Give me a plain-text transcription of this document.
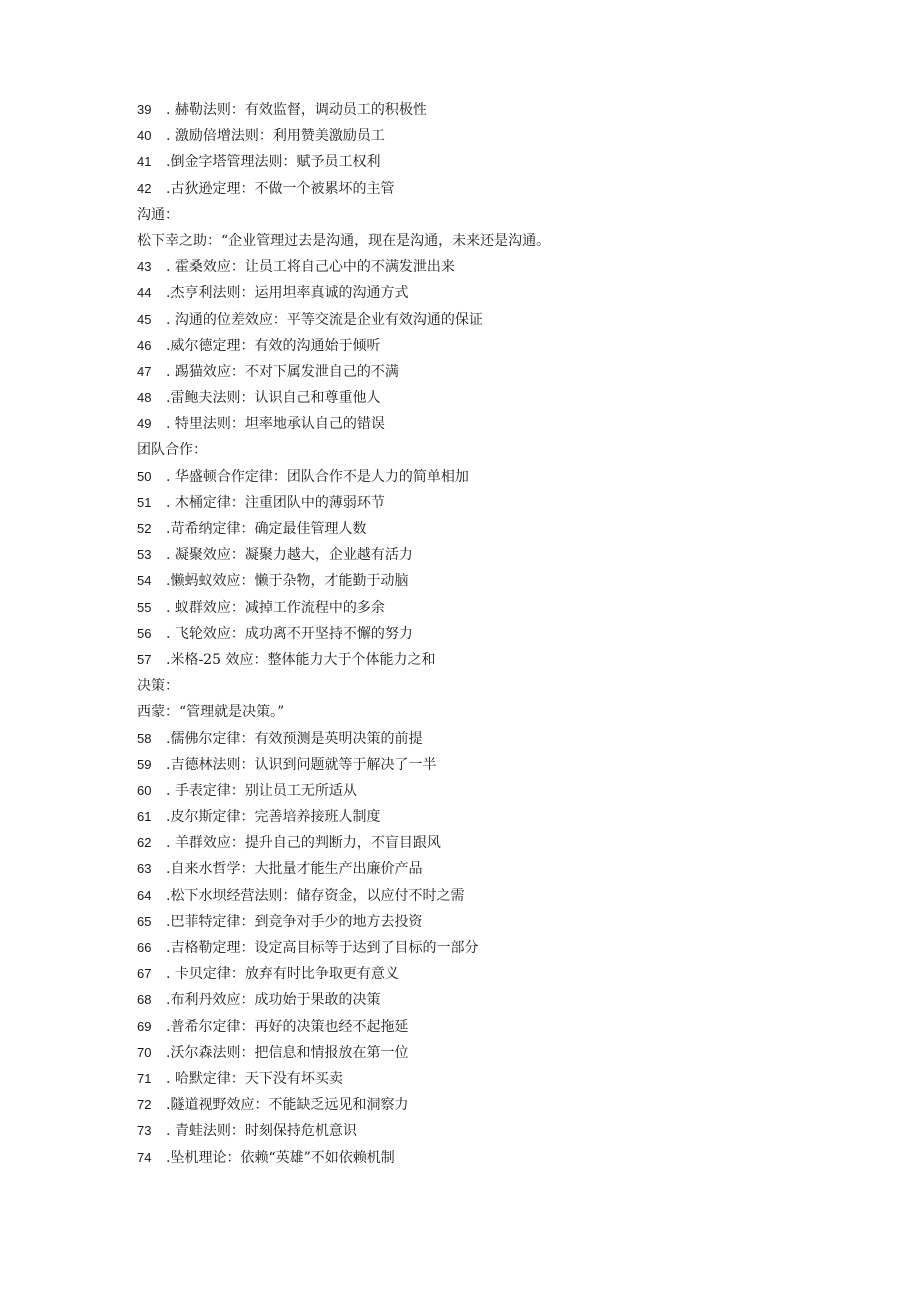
39 . 赫勒法则：有效监督，调动员工的积极性
40 . 激励倍增法则：利用赞美激励员工
41 .倒金字塔管理法则：赋予员工权利
42 .古狄逊定理：不做一个被累坏的主管
沟通：
松下幸之助：“企业管理过去是沟通，现在是沟通，未来还是沟通。
43 . 霍桑效应：让员工将自己心中的不满发泄出来
44 .杰亨利法则：运用坦率真诚的沟通方式
45 . 沟通的位差效应：平等交流是企业有效沟通的保证
46 .威尔德定理：有效的沟通始于倾听
47 . 踢猫效应：不对下属发泄自己的不满
48 .雷鲍夫法则：认识自己和尊重他人
49 . 特里法则：坦率地承认自己的错误
团队合作：
50 . 华盛顿合作定律：团队合作不是人力的简单相加
51 . 木桶定律：注重团队中的薄弱环节
52 .苛希纳定律：确定最佳管理人数
53 . 凝聚效应：凝聚力越大，企业越有活力
54 .懒蚂蚁效应：懒于杂物，才能勤于动脑
55 . 蚁群效应：减掉工作流程中的多余
56 . 飞轮效应：成功离不开坚持不懈的努力
57 .米格-25 效应：整体能力大于个体能力之和
决策：
西蒙：“管理就是决策。”
58 .儒佛尔定律：有效预测是英明决策的前提
59 .吉德林法则：认识到问题就等于解决了一半
60 . 手表定律：别让员工无所适从
61 .皮尔斯定律：完善培养接班人制度
62 . 羊群效应：提升自己的判断力，不盲目跟风
63 .自来水哲学：大批量才能生产出廉价产品
64 .松下水坝经营法则：储存资金，以应付不时之需
65 .巴菲特定律：到竞争对手少的地方去投资
66 .吉格勒定理：设定高目标等于达到了目标的一部分
67 . 卡贝定律：放弃有时比争取更有意义
68 .布利丹效应：成功始于果敢的决策
69 .普希尔定律：再好的决策也经不起拖延
70 .沃尔森法则：把信息和情报放在第一位
71 . 哈默定律：天下没有坏买卖
72 .隧道视野效应：不能缺乏远见和洞察力
73 . 青蛙法则：时刻保持危机意识
74 .坠机理论：依赖“英雄”不如依赖机制
